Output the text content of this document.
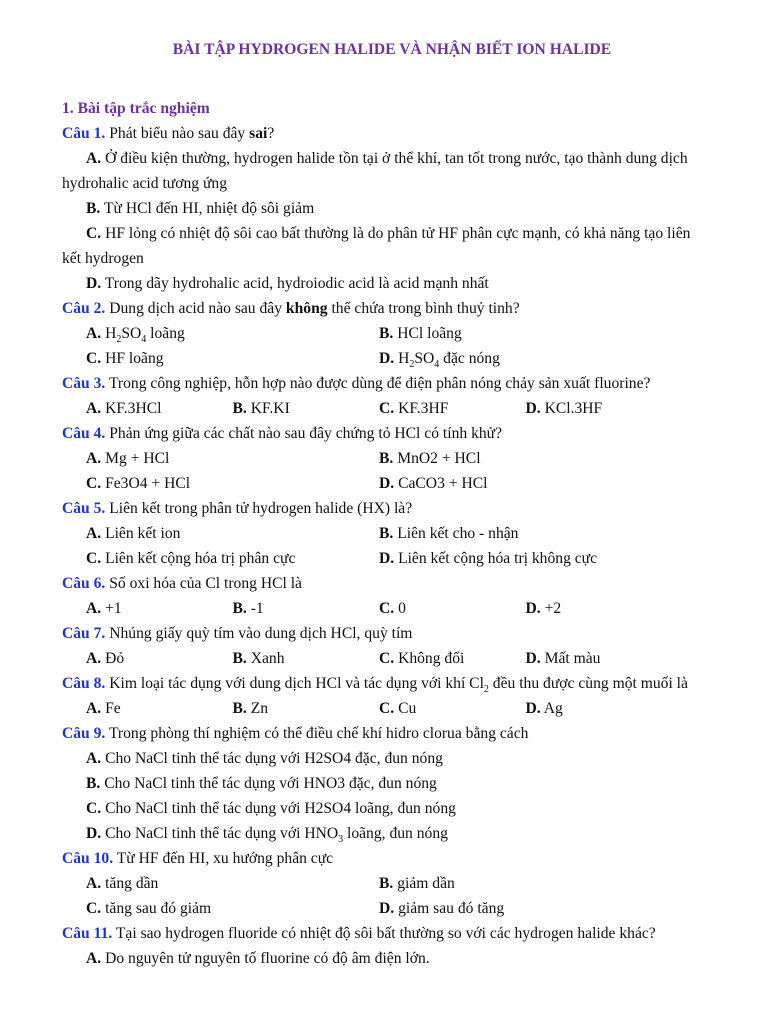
BÀI TẬP HYDROGEN HALIDE VÀ NHẬN BIẾT ION HALIDE
1. Bài tập trắc nghiệm
Câu 1. Phát biểu nào sau đây sai?
A. Ở điều kiện thường, hydrogen halide tồn tại ở thể khí, tan tốt trong nước, tạo thành dung dịch
hydrohalic acid tương ứng
B. Từ HCl đến HI, nhiệt độ sôi giảm
C. HF lỏng có nhiệt độ sôi cao bất thường là do phân tử HF phân cực mạnh, có khả năng tạo liên
kết hydrogen
D. Trong dãy hydrohalic acid, hydroiodic acid là acid mạnh nhất
Câu 2. Dung dịch acid nào sau đây không thể chứa trong bình thuỷ tinh?
A. $H_2SO_4$ loãng	B. HCl loãng
C. HF loãng	D. $H_2SO_4$ đặc nóng
Câu 3. Trong công nghiệp, hỗn hợp nào được dùng để điện phân nóng chảy sản xuất fluorine?
A. KF.3HCl	B. KF.KI	C. KF.3HF	D. KCl.3HF
Câu 4. Phản ứng giữa các chất nào sau đây chứng tỏ HCl có tính khử?
A. Mg + HCl	B. MnO2 + HCl
C. Fe3O4 + HCl	D. CaCO3 + HCl
Câu 5. Liên kết trong phân tử hydrogen halide (HX) là?
A. Liên kết ion	B. Liên kết cho - nhận
C. Liên kết cộng hóa trị phân cực	D. Liên kết cộng hóa trị không cực
Câu 6. Số oxi hóa của Cl trong HCl là
A. +1	B. -1	C. 0	D. +2
Câu 7. Nhúng giấy quỳ tím vào dung dịch HCl, quỳ tím
A. Đỏ	B. Xanh	C. Không đổi	D. Mất màu
Câu 8. Kim loại tác dụng với dung dịch HCl và tác dụng với khí $Cl_2$ đều thu được cùng một muối là
A. Fe	B. Zn	C. Cu	D. Ag
Câu 9. Trong phòng thí nghiệm có thể điều chế khí hidro clorua bằng cách
A. Cho NaCl tinh thể tác dụng với H2SO4 đặc, đun nóng
B. Cho NaCl tinh thể tác dụng với HNO3 đặc, đun nóng
C. Cho NaCl tinh thể tác dụng với H2SO4 loãng, đun nóng
D. Cho NaCl tinh thể tác dụng với $HNO_3$ loãng, đun nóng
Câu 10. Từ HF đến HI, xu hướng phân cực
A. tăng dần	B. giảm dần
C. tăng sau đó giảm	D. giảm sau đó tăng
Câu 11. Tại sao hydrogen fluoride có nhiệt độ sôi bất thường so với các hydrogen halide khác?
A. Do nguyên tử nguyên tố fluorine có độ âm điện lớn.
